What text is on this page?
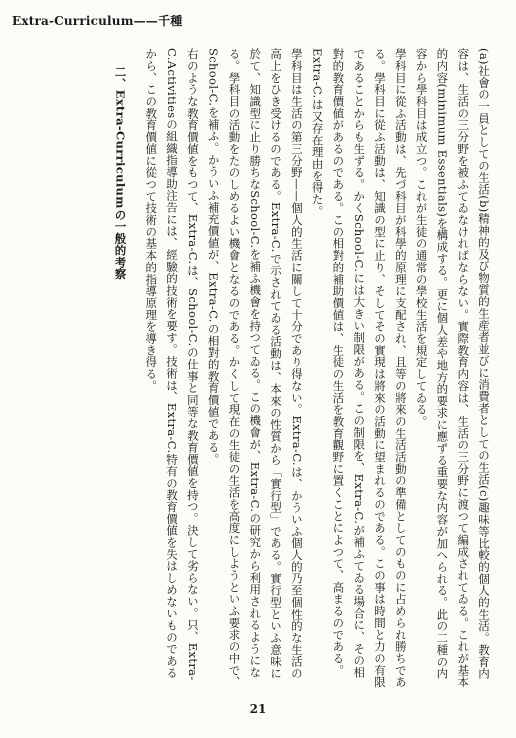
Extra-Curriculum——千種

(a)社會の一員としての生活(b)精神的及び物質的生産者並びに消費者としての生活(c)趣味等比較的個人的生活。教育内容は、生活の三分野を被ふてゐなければならない。實際教育内容は、生活の三分野に渡つて編成されてゐる。これが基本的内容(minimum Essentials)を構成する。更に個人差や地方的要求に應ずる重要な内容が加へられる。此の二種の内容から學科目は成立つ。これが生徒の通常の學校生活を規定してゐる。

學科目に從ふ活動は、先づ科目が科學的原理に支配され、且等の將來の生活活動の準備としてのものに占められ勝ちである。學科目に從ふ活動は、知識の型に止り、そしてその實現は將來の活動に望まれるのである。この事は時間と力の有限であることからも生ずる。かくSchool-C.には大きい制限がある。この制限を、Extra-C.が補ふてゐる場合に、その相對的教育價値があるのである。この相對的補助價値は、生徒の生活を教育觀野に置くことによつて、高まるのである。Extra-C.は又存在理由を得た。

學科目は生活の第三分野——個人的生活に關して十分であり得ない。Extra-C.は、かういふ個人的乃至個性的な生活の高上をひき受けるのである。Extra-C.で示されてゐる活動は、本來の性質から「實行型」である。實行型といふ意味に於て、知識型に止り勝ちなSchool-C.を補ふ機會を持つてゐる。この機會が、Extra-C.の研究から利用されるようになる。學科目の活動をたのしめるよい機會となるのである。かくして現在の生徒の生活を高度にしようといふ要求の中で、School-C.を補ふ。かういふ補充價値が、Extra-C.の相對的教育價値である。

右のような教育價値をもつて、Extra-C.は、School-C.の仕事と同等な教育價値を持つ。決して劣らない。只、Extra-C.Activitiesの組織指導助注告には、經驗的技術を要す。技術は、Extra-C.特有の教育價値を失はしめないものであるから、この教育價値に從つて技術の基本的指導原理を導き得る。

二、Extra-Curriculumの一般的考察

21
